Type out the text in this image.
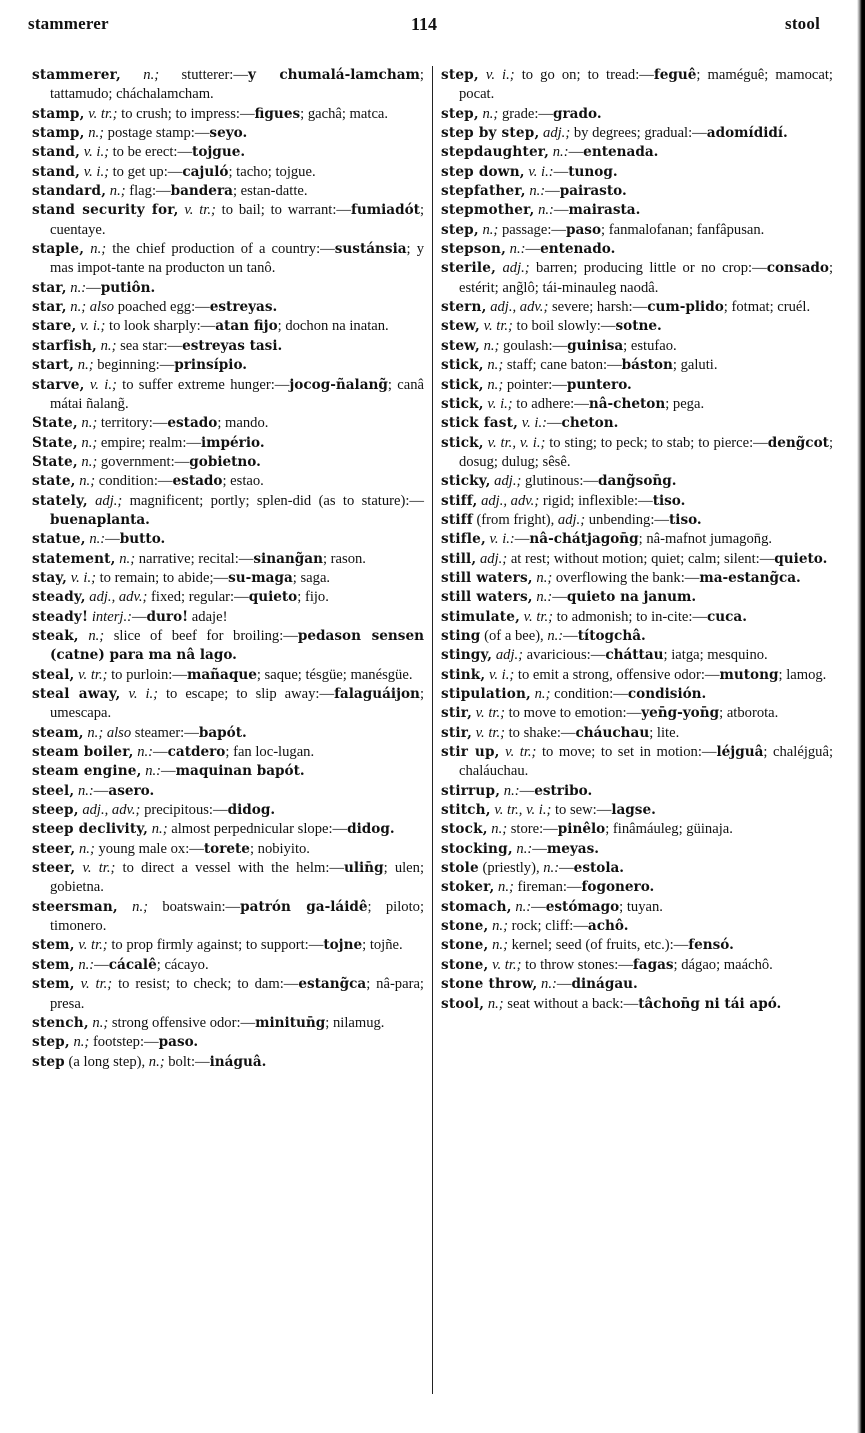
stammerer	114	stool

stammerer, n.; stutterer:—y chumalá-lamcham; tattamudo; cháchalamcham.

stamp, v. tr.; to crush; to impress:—figues; gachâ; matca.

stamp, n.; postage stamp:—seyo.

stand, v. i.; to be erect:—tojgue.

stand, v. i.; to get up:—cajuló; tacho; tojgue.

standard, n.; flag:—bandera; estan-datte.

stand security for, v. tr.; to bail; to warrant:—fumiadót; cuentaye.

staple, n.; the chief production of a country:—sustánsia; y mas impot-tante na producton un tanô.

star, n.:—putiôn.

star, n.; also poached egg:—estreyas.

stare, v. i.; to look sharply:—atan fijo; dochon na inatan.

starfish, n.; sea star:—estreyas tasi.

start, n.; beginning:—prinsípio.

starve, v. i.; to suffer extreme hunger:—jocog-ñalang̃; canâ mátai ñalang̃.

State, n.; territory:—estado; mando.

State, n.; empire; realm:—império.

State, n.; government:—gobietno.

state, n.; condition:—estado; estao.

stately, adj.; magnificent; portly; splen-did (as to stature):—buenaplanta.

statue, n.:—butto.

statement, n.; narrative; recital:—sinang̃an; rason.

stay, v. i.; to remain; to abide;—su-maga; saga.

steady, adj., adv.; fixed; regular:—quieto; fijo.

steady! interj.:—duro! adaje!

steak, n.; slice of beef for broiling:—pedason sensen (catne) para ma nâ lago.

steal, v. tr.; to purloin:—mañaque; saque; tésgüe; manésgüe.

steal away, v. i.; to escape; to slip away:—falaguáijon; umescapa.

steam, n.; also steamer:—bapót.

steam boiler, n.:—catdero; fan loc-lugan.

steam engine, n.:—maquinan bapót.

steel, n.:—asero.

steep, adj., adv.; precipitous:—didog.

steep declivity, n.; almost perpednicular slope:—didog.

steer, n.; young male ox:—torete; nobiyito.

steer, v. tr.; to direct a vessel with the helm:—ulin̄g; ulen; gobietna.

steersman, n.; boatswain:—patrón ga-láidê; piloto; timonero.

stem, v. tr.; to prop firmly against; to support:—tojne; tojñe.

stem, n.:—cácalê; cácayo.

stem, v. tr.; to resist; to check; to dam:—estang̃ca; nâ-para; presa.

stench, n.; strong offensive odor:—minitun̄g; nilamug.

step, n.; footstep:—paso.

step (a long step), n.; bolt:—ináguâ.

step, v. i.; to go on; to tread:—feguê; maméguê; mamocat; pocat.

step, n.; grade:—grado.

step by step, adj.; by degrees; gradual:—adomídidí.

stepdaughter, n.:—entenada.

step down, v. i.:—tunog.

stepfather, n.:—pairasto.

stepmother, n.:—mairasta.

step, n.; passage:—paso; fanmalofanan; fanfâpusan.

stepson, n.:—entenado.

sterile, adj.; barren; producing little or no crop:—consado; estérit; ang̃lô; tái-minauleg naodâ.

stern, adj., adv.; severe; harsh:—cum-plido; fotmat; cruél.

stew, v. tr.; to boil slowly:—sotne.

stew, n.; goulash:—guinisa; estufao.

stick, n.; staff; cane baton:—báston; galuti.

stick, n.; pointer:—puntero.

stick, v. i.; to adhere:—nâ-cheton; pega.

stick fast, v. i.:—cheton.

stick, v. tr., v. i.; to sting; to peck; to stab; to pierce:—deng̃cot; dosug; dulug; sêsê.

sticky, adj.; glutinous:—dang̃son̄g.

stiff, adj., adv.; rigid; inflexible:—tiso.

stiff (from fright), adj.; unbending:—tiso.

stifle, v. i.:—nâ-chátjagon̄g; nâ-mafnot jumagon̄g.

still, adj.; at rest; without motion; quiet; calm; silent:—quieto.

still waters, n.; overflowing the bank:—ma-estang̃ca.

still waters, n.:—quieto na janum.

stimulate, v. tr.; to admonish; to in-cite:—cuca.

sting (of a bee), n.:—títogchâ.

stingy, adj.; avaricious:—cháttau; iatga; mesquino.

stink, v. i.; to emit a strong, offensive odor:—mutong; lamog.

stipulation, n.; condition:—condisión.

stir, v. tr.; to move to emotion:—yen̄g-yon̄g; atborota.

stir, v. tr.; to shake:—cháuchau; lite.

stir up, v. tr.; to move; to set in motion:—léjguâ; chaléjguâ; chaláuchau.

stirrup, n.:—estribo.

stitch, v. tr., v. i.; to sew:—lagse.

stock, n.; store:—pinêlo; finâmáuleg; güinaja.

stocking, n.:—meyas.

stole (priestly), n.:—estola.

stoker, n.; fireman:—fogonero.

stomach, n.:—estómago; tuyan.

stone, n.; rock; cliff:—achô.

stone, n.; kernel; seed (of fruits, etc.):—fensó.

stone, v. tr.; to throw stones:—fagas; dágao; maáchô.

stone throw, n.:—dinágau.

stool, n.; seat without a back:—tâchon̄g ni tái apó.
